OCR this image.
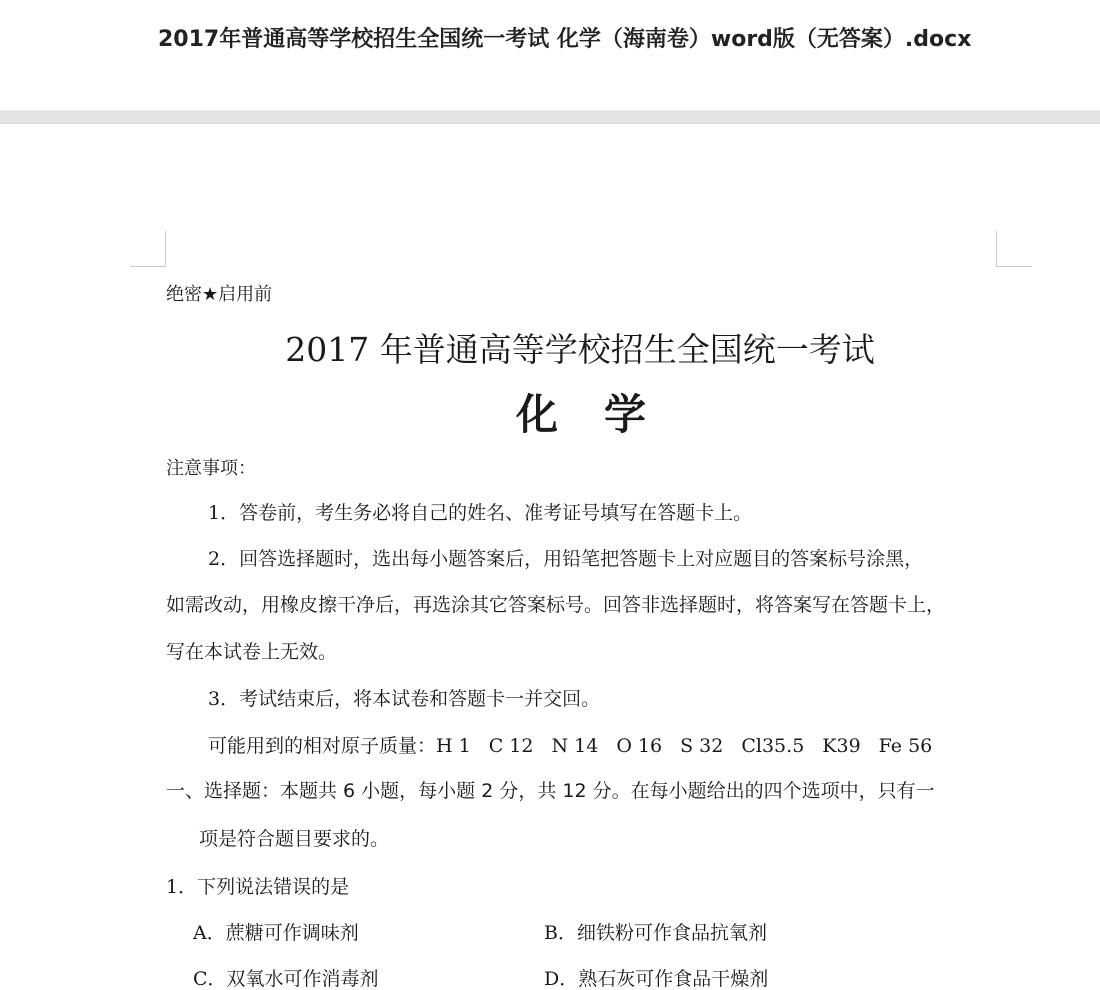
2017年普通高等学校招生全国统一考试 化学（海南卷）word版（无答案）.docx
绝密★启用前
2017 年普通高等学校招生全国统一考试
化学
注意事项：
1．答卷前，考生务必将自己的姓名、准考证号填写在答题卡上。
2．回答选择题时，选出每小题答案后，用铅笔把答题卡上对应题目的答案标号涂黑，
如需改动，用橡皮擦干净后，再选涂其它答案标号。回答非选择题时，将答案写在答题卡上，
写在本试卷上无效。
3．考试结束后，将本试卷和答题卡一并交回。
可能用到的相对原子质量：H 1 C 12 N 14 O 16 S 32 Cl35.5 K39 Fe 56
一、选择题：本题共 6 小题，每小题 2 分，共 12 分。在每小题给出的四个选项中，只有一
项是符合题目要求的。
1．下列说法错误的是
A．蔗糖可作调味剂	B．细铁粉可作食品抗氧剂
C．双氧水可作消毒剂	D．熟石灰可作食品干燥剂
